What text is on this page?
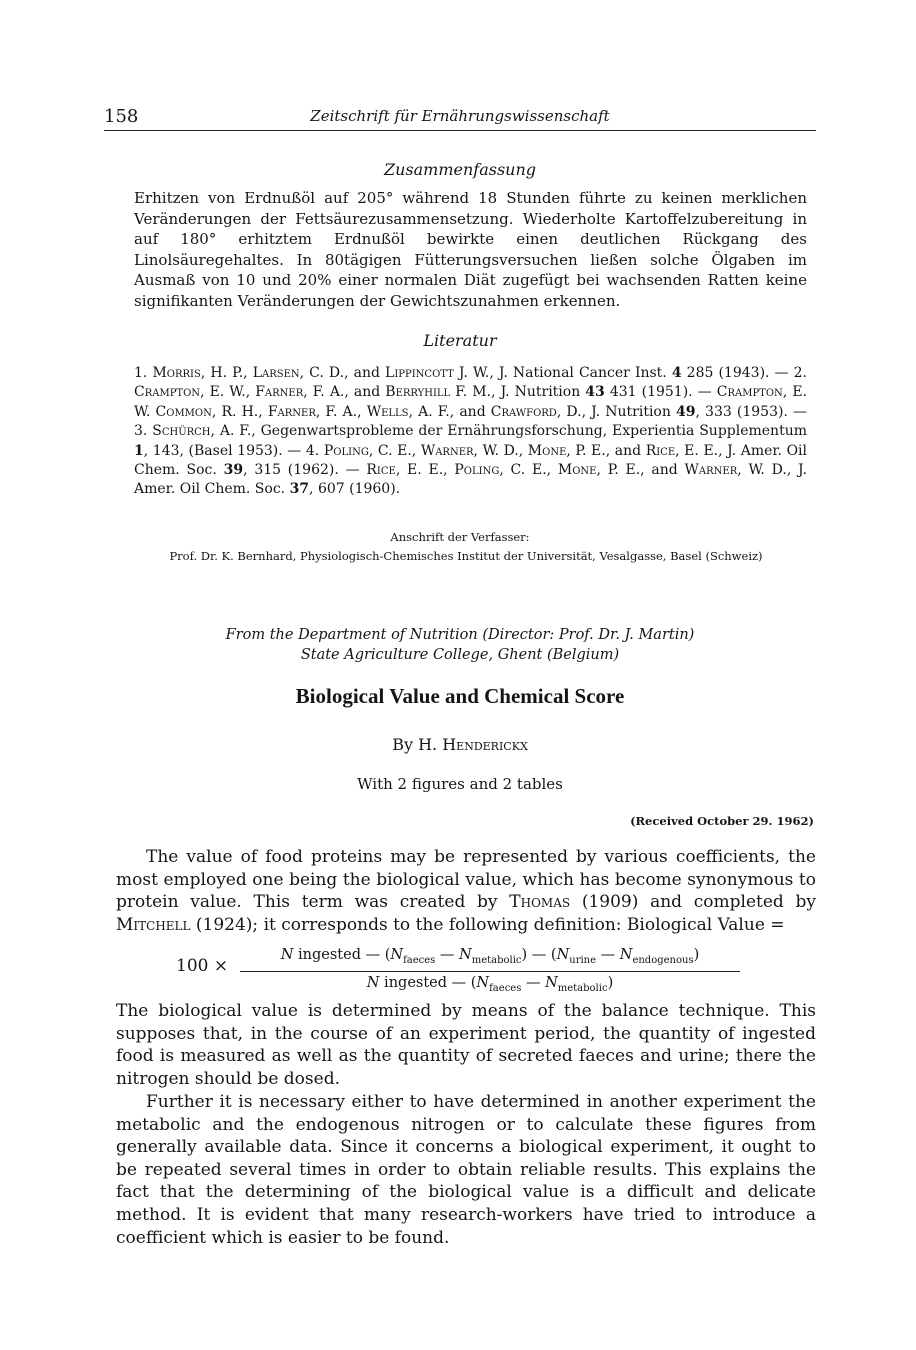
158	Zeitschrift für Ernährungswissenschaft
Zusammenfassung
Erhitzen von Erdnußöl auf 205° während 18 Stunden führte zu keinen merklichen Veränderungen der Fettsäurezusammensetzung. Wiederholte Kartoffelzubereitung in auf 180° erhitztem Erdnußöl bewirkte einen deutlichen Rückgang des Linolsäuregehaltes. In 80tägigen Fütterungsversuchen ließen solche Ölgaben im Ausmaß von 10 und 20% einer normalen Diät zugefügt bei wachsenden Ratten keine signifikanten Veränderungen der Gewichtszunahmen erkennen.
Literatur
1. Morris, H. P., Larsen, C. D., and Lippincott J. W., J. National Cancer Inst. 4 285 (1943). — 2. Crampton, E. W., Farner, F. A., and Berryhill F. M., J. Nutrition 43 431 (1951). — Crampton, E. W. Common, R. H., Farner, F. A., Wells, A. F., and Crawford, D., J. Nutrition 49, 333 (1953). — 3. Schürch, A. F., Gegenwartsprobleme der Ernährungsforschung, Experientia Supplementum 1, 143, (Basel 1953). — 4. Poling, C. E., Warner, W. D., Mone, P. E., and Rice, E. E., J. Amer. Oil Chem. Soc. 39, 315 (1962). — Rice, E. E., Poling, C. E., Mone, P. E., and Warner, W. D., J. Amer. Oil Chem. Soc. 37, 607 (1960).
Anschrift der Verfasser:
Prof. Dr. K. Bernhard, Physiologisch-Chemisches Institut der Universität, Vesalgasse, Basel (Schweiz)
From the Department of Nutrition (Director: Prof. Dr. J. Martin)
State Agriculture College, Ghent (Belgium)
Biological Value and Chemical Score
By H. Henderickx
With 2 figures and 2 tables
(Received October 29. 1962)
The value of food proteins may be represented by various coefficients, the most employed one being the biological value, which has become synonymous to protein value. This term was created by Thomas (1909) and completed by Mitchell (1924); it corresponds to the following definition: Biological Value =
100 ×
N ingested — ($N_{faeces}$ — $N_{metabolic}$) — ($N_{urine}$ — $N_{endogenous}$)
N ingested — ($N_{faeces}$ — $N_{metabolic}$)
The biological value is determined by means of the balance technique. This supposes that, in the course of an experiment period, the quantity of ingested food is measured as well as the quantity of secreted faeces and urine; there the nitrogen should be dosed.
Further it is necessary either to have determined in another experiment the metabolic and the endogenous nitrogen or to calculate these figures from generally available data. Since it concerns a biological experiment, it ought to be repeated several times in order to obtain reliable results. This explains the fact that the determining of the biological value is a difficult and delicate method. It is evident that many research-workers have tried to introduce a coefficient which is easier to be found.
